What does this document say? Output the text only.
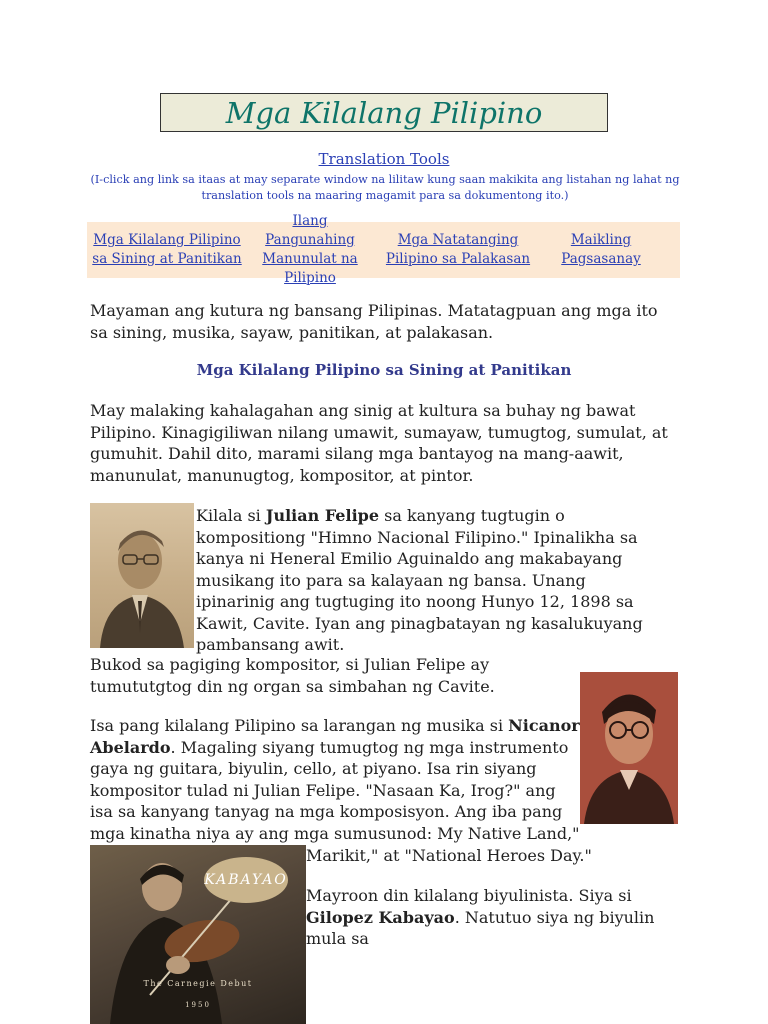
Mga Kilalang Pilipino
Translation Tools
(I-click ang link sa itaas at may separate window na lilitaw kung saan makikita ang listahan ng lahat ng translation tools na maaring magamit para sa dokumentong ito.)
Mga Kilalang Pilipino sa Sining at Panitikan
Ilang Pangunahing Manunulat na Pilipino
Mga Natatanging Pilipino sa Palakasan
Maikling Pagsasanay

Mayaman ang kutura ng bansang Pilipinas. Matatagpuan ang mga ito sa sining, musika, sayaw, panitikan, at palakasan.

Mga Kilalang Pilipino sa Sining at Panitikan

May malaking kahalagahan ang sinig at kultura sa buhay ng bawat Pilipino. Kinagigiliwan nilang umawit, sumayaw, tumugtog, sumulat, at gumuhit. Dahil dito, marami silang mga bantayog na mang-aawit, manunulat, manunugtog, kompositor, at pintor.

Kilala si Julian Felipe sa kanyang tugtugin o kompositiong "Himno Nacional Filipino." Ipinalikha sa kanya ni Heneral Emilio Aguinaldo ang makabayang musikang ito para sa kalayaan ng bansa. Unang ipinarinig ang tugtuging ito noong Hunyo 12, 1898 sa Kawit, Cavite. Iyan ang pinagbatayan ng kasalukuyang pambansang awit.

Bukod sa pagiging kompositor, si Julian Felipe ay tumututgtog din ng organ sa simbahan ng Cavite.

Isa pang kilalang Pilipino sa larangan ng musika si Nicanor Abelardo. Magaling siyang tumugtog ng mga instrumento gaya ng guitara, biyulin, cello, at piyano. Isa rin siyang kompositor tulad ni Julian Felipe. "Nasaan Ka, Irog?" ang isa sa kanyang tanyag na mga komposisyon. Ang iba pang mga kinatha niya ay ang mga sumusunod: My Native Land,"

Marikit," at "National Heroes Day."

KABAYAO
The Carnegie Debut
1950

Mayroon din kilalang biyulinista. Siya si Gilopez Kabayao. Natutuo siya ng biyulin mula sa
